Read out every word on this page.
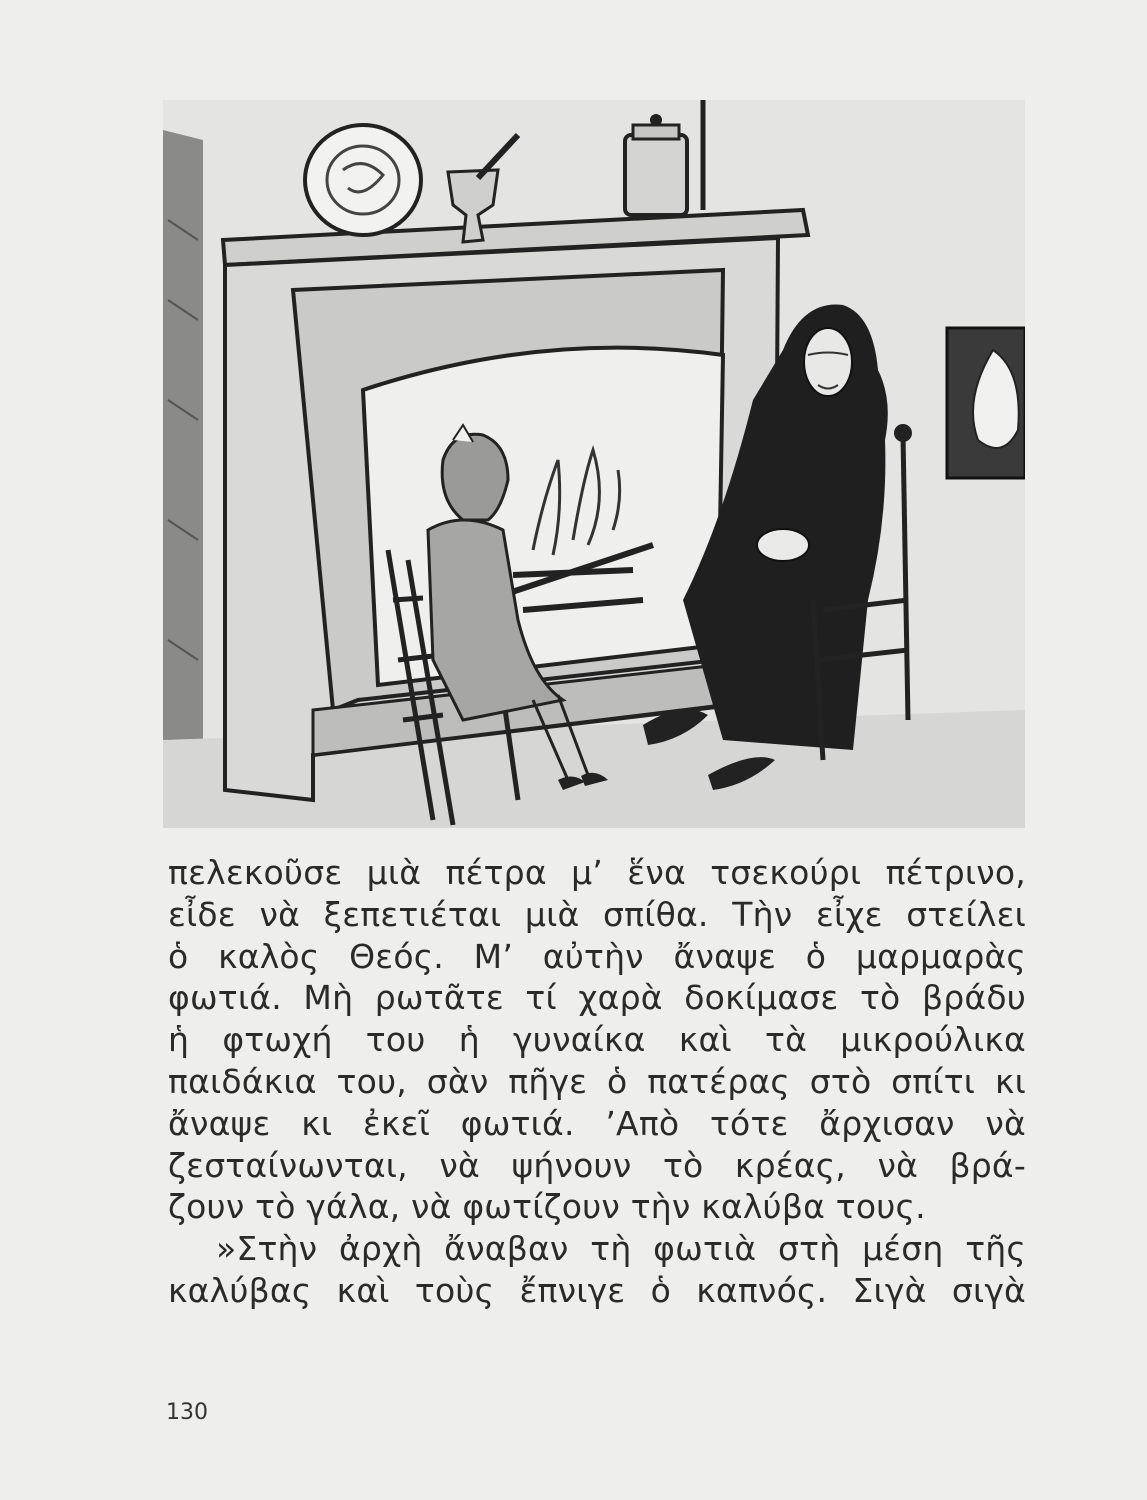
πελεκοῦσε μιὰ πέτρα μ’ ἕνα τσεκούρι πέτρινο,
εἶδε νὰ ξεπετιέται μιὰ σπίθα. Τὴν εἶχε στείλει
ὁ καλὸς Θεός. Μ’ αὐτὴν ἄναψε ὁ μαρμαρὰς
φωτιά. Μὴ ρωτᾶτε τί χαρὰ δοκίμασε τὸ βράδυ
ἡ φτωχή του ἡ γυναίκα καὶ τὰ μικρούλικα
παιδάκια του, σὰν πῆγε ὁ πατέρας στὸ σπίτι κι
ἄναψε κι ἐκεῖ φωτιά. ’Απὸ τότε ἄρχισαν νὰ
ζεσταίνωνται, νὰ ψήνουν τὸ κρέας, νὰ βρά-
ζουν τὸ γάλα, νὰ φωτίζουν τὴν καλύβα τους.
»Στὴν ἀρχὴ ἄναβαν τὴ φωτιὰ στὴ μέση τῆς
καλύβας καὶ τοὺς ἔπνιγε ὁ καπνός. Σιγὰ σιγὰ
130
